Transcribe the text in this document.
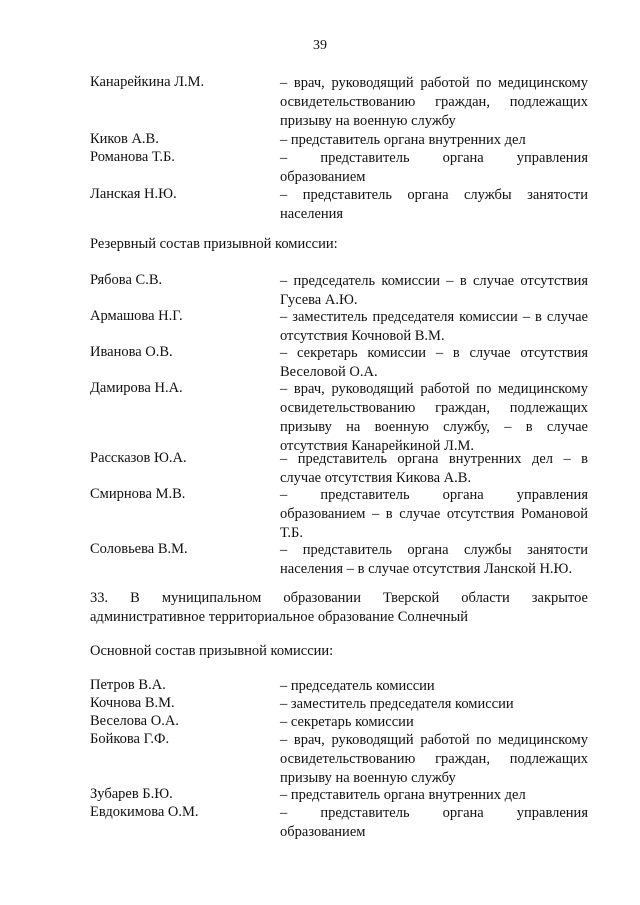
39
Канарейкина Л.М.	– врач, руководящий работой по медицинскому освидетельствованию граждан, подлежащих призыву на военную службу
Киков А.В.	– представитель органа внутренних дел
Романова Т.Б.	– представитель органа управления образованием
Ланская Н.Ю.	– представитель органа службы занятости населения
Резервный состав призывной комиссии:
Рябова С.В.	– председатель комиссии – в случае отсутствия Гусева А.Ю.
Армашова Н.Г.	– заместитель председателя комиссии – в случае отсутствия Кочновой В.М.
Иванова О.В.	– секретарь комиссии – в случае отсутствия Веселовой О.А.
Дамирова Н.А.	– врач, руководящий работой по медицинскому освидетельствованию граждан, подлежащих призыву на военную службу, – в случае отсутствия Канарейкиной Л.М.
Рассказов Ю.А.	– представитель органа внутренних дел – в случае отсутствия Кикова А.В.
Смирнова М.В.	– представитель органа управления образованием – в случае отсутствия Романовой Т.Б.
Соловьева В.М.	– представитель органа службы занятости населения – в случае отсутствия Ланской Н.Ю.
33. В муниципальном образовании Тверской области закрытое административное территориальное образование Солнечный
Основной состав призывной комиссии:
Петров В.А.	– председатель комиссии
Кочнова В.М.	– заместитель председателя комиссии
Веселова О.А.	– секретарь комиссии
Бойкова Г.Ф.	– врач, руководящий работой по медицинскому освидетельствованию граждан, подлежащих призыву на военную службу
Зубарев Б.Ю.	– представитель органа внутренних дел
Евдокимова О.М.	– представитель органа управления образованием
